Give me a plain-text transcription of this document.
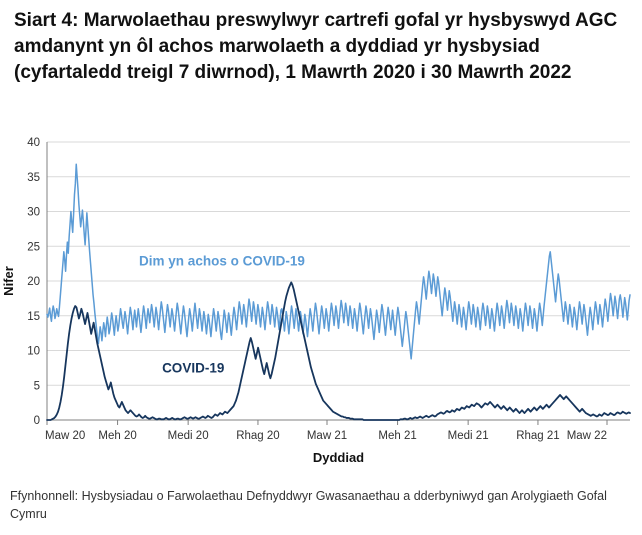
Siart 4: Marwolaethau preswylwyr cartrefi gofal yr hysbyswyd AGC amdanynt yn ôl achos marwolaeth a dyddiad yr hysbysiad (cyfartaledd treigl 7 diwrnod), 1 Mawrth 2020 i 30 Mawrth 2022
0
5
10
15
20
25
30
35
40
Maw 20 Meh 20	Medi 20 Rhag 20 Maw 21	Meh 21	Medi 21 Rhag 21 Maw 22
Dyddiad
Nifer
Dim yn achos o COVID-19
COVID-19
Ffynhonnell: Hysbysiadau o Farwolaethau Defnyddwyr Gwasanaethau a dderbyniwyd gan Arolygiaeth Gofal Cymru
